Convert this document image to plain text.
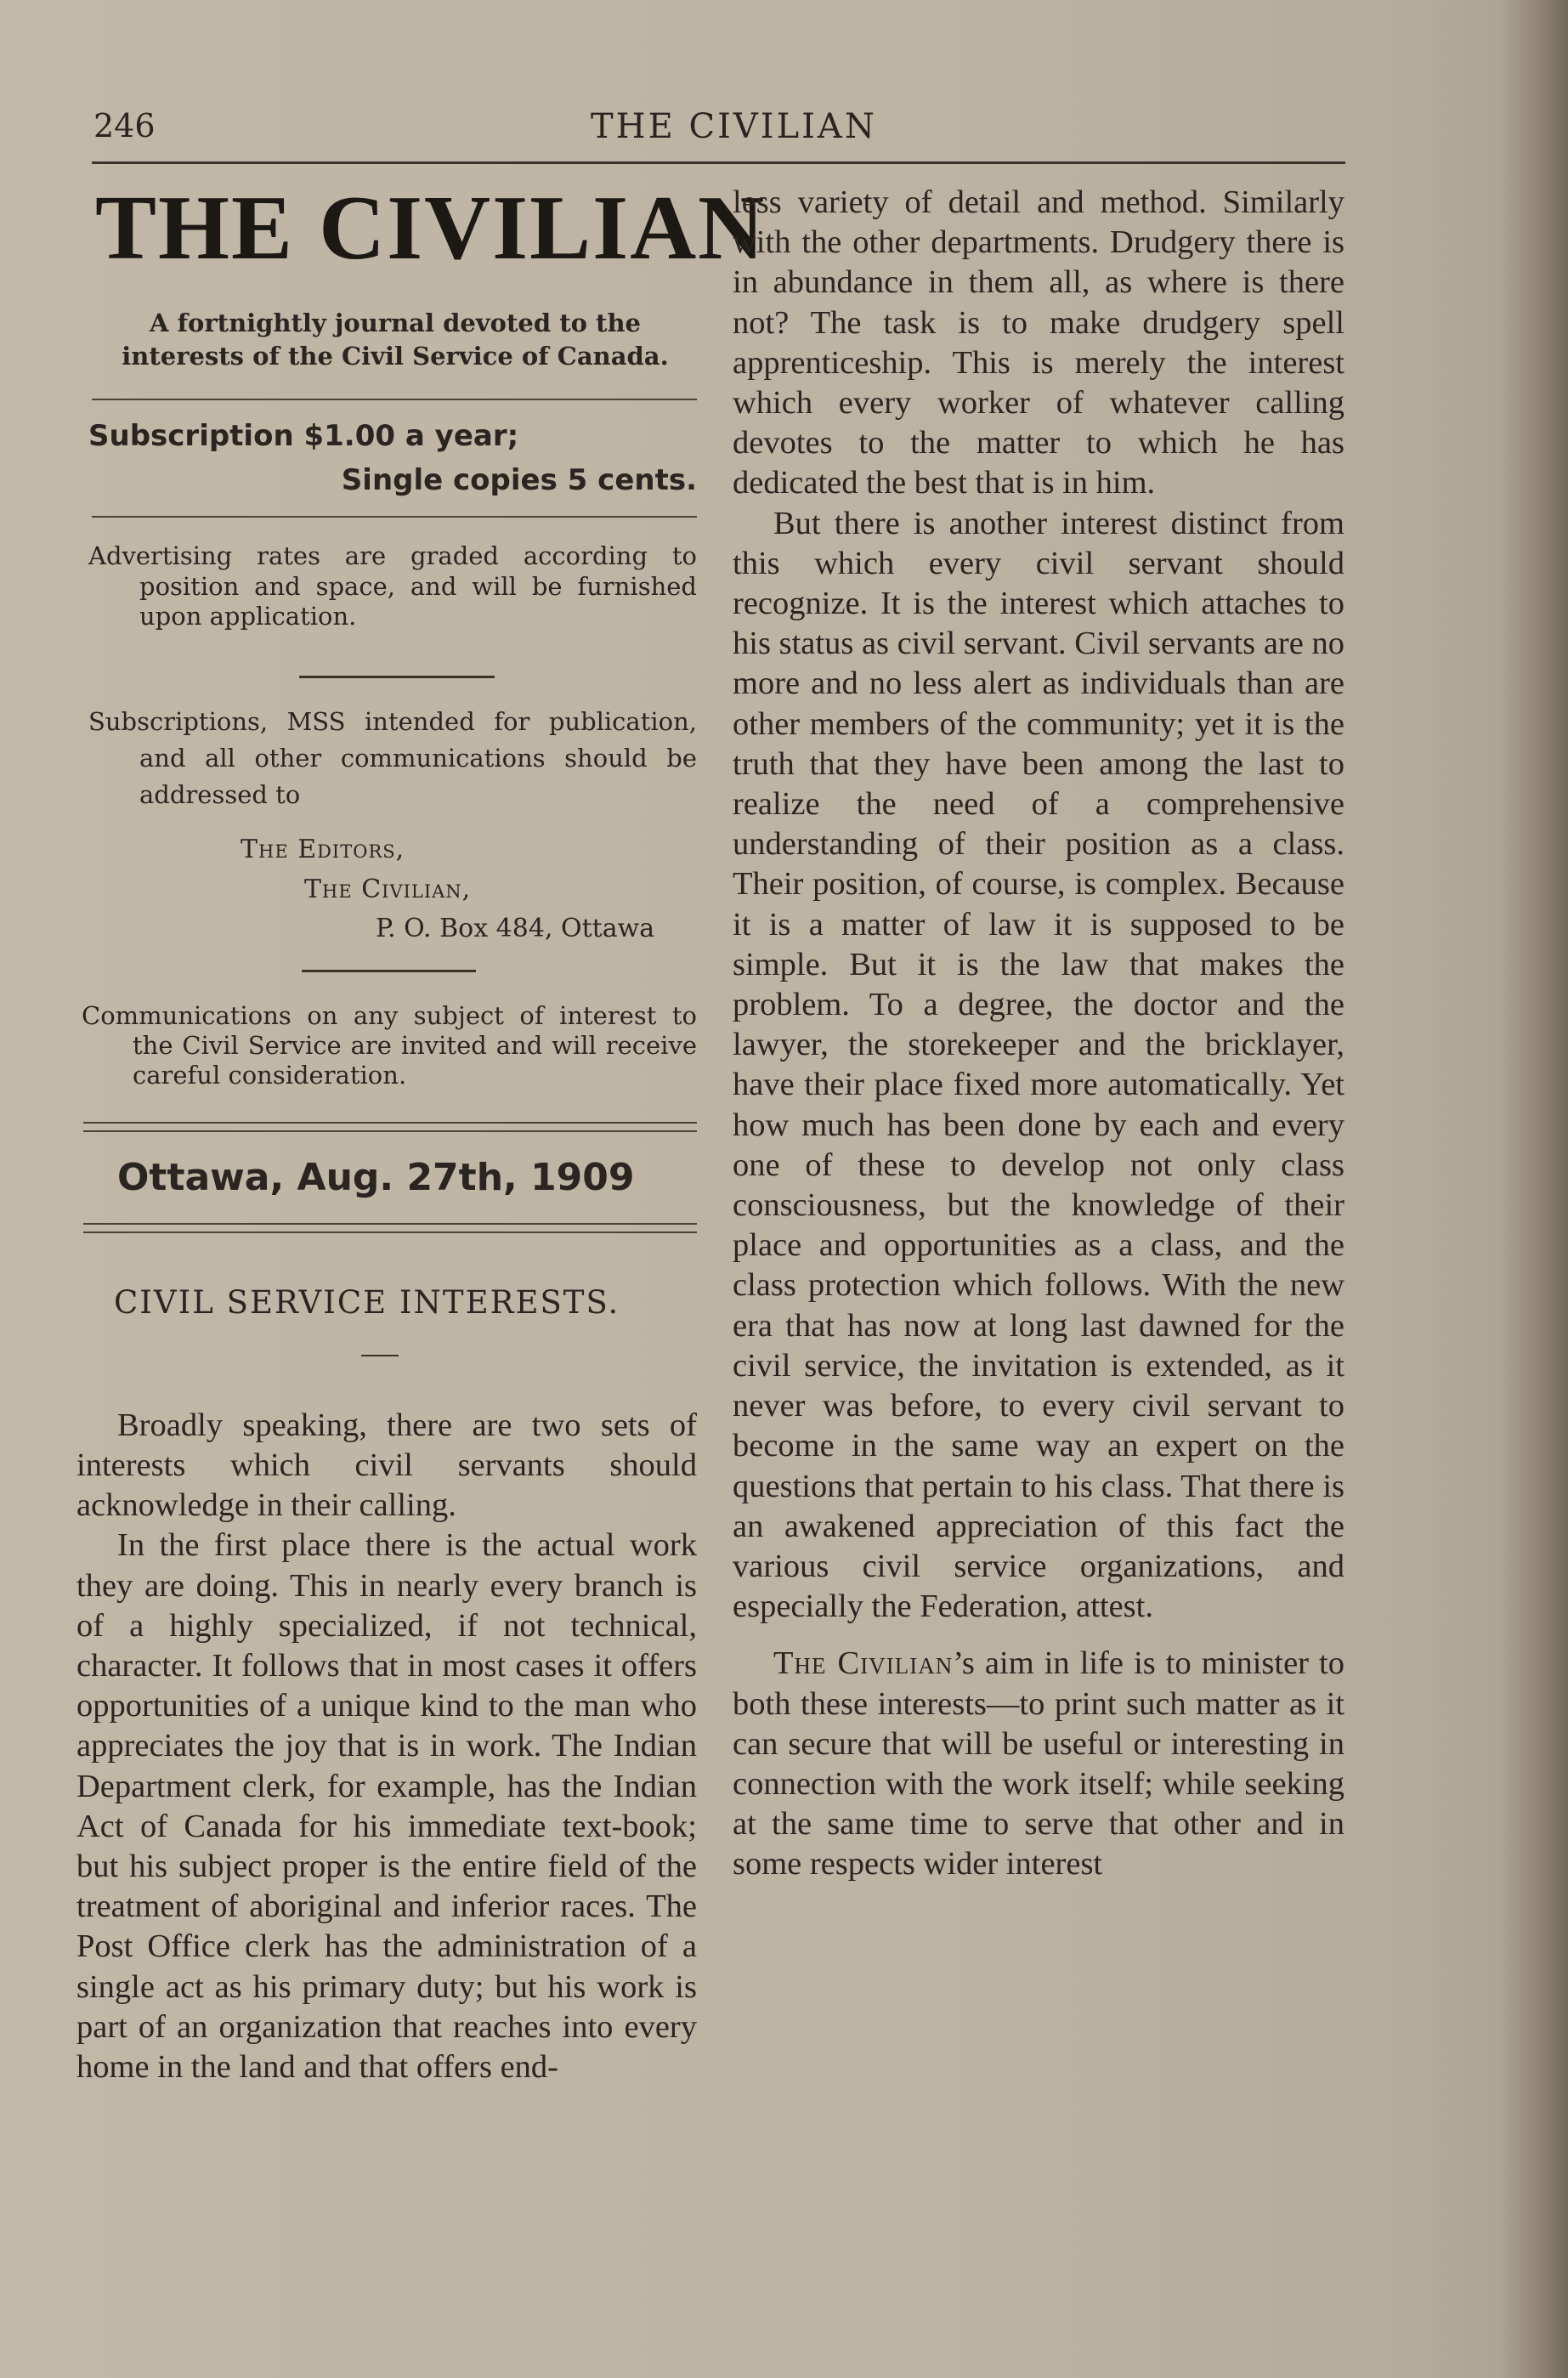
246	THE CIVILIAN
THE CIVILIAN
A fortnightly journal devoted to the interests of the Civil Service of Canada.
Subscription $1.00 a year;
Single copies 5 cents.
Advertising rates are graded according to position and space, and will be furnished upon application.
Subscriptions, MSS intended for publication, and all other communications should be addressed to
The Editors,
The Civilian,
P. O. Box 484, Ottawa
Communications on any subject of interest to the Civil Service are invited and will receive careful consideration.
Ottawa, Aug. 27th, 1909
CIVIL SERVICE INTERESTS.

Broadly speaking, there are two sets of interests which civil servants should acknowledge in their calling.

In the first place there is the actual work they are doing. This in nearly every branch is of a highly specialized, if not technical, character. It follows that in most cases it offers opportunities of a unique kind to the man who appreciates the joy that is in work. The Indian Department clerk, for example, has the Indian Act of Canada for his immediate text-book; but his subject proper is the entire field of the treatment of aboriginal and inferior races. The Post Office clerk has the administration of a single act as his primary duty; but his work is part of an organization that reaches into every home in the land and that offers end-

less variety of detail and method. Similarly with the other departments. Drudgery there is in abundance in them all, as where is there not? The task is to make drudgery spell apprenticeship. This is merely the interest which every worker of whatever calling devotes to the matter to which he has dedicated the best that is in him.

But there is another interest distinct from this which every civil servant should recognize. It is the interest which attaches to his status as civil servant. Civil servants are no more and no less alert as individuals than are other members of the community; yet it is the truth that they have been among the last to realize the need of a comprehensive understanding of their position as a class. Their position, of course, is complex. Because it is a matter of law it is supposed to be simple. But it is the law that makes the problem. To a degree, the doctor and the lawyer, the storekeeper and the bricklayer, have their place fixed more automatically. Yet how much has been done by each and every one of these to develop not only class consciousness, but the knowledge of their place and opportunities as a class, and the class protection which follows. With the new era that has now at long last dawned for the civil service, the invitation is extended, as it never was before, to every civil servant to become in the same way an expert on the questions that pertain to his class. That there is an awakened appreciation of this fact the various civil service organizations, and especially the Federation, attest.

The Civilian’s aim in life is to minister to both these interests—to print such matter as it can secure that will be useful or interesting in connection with the work itself; while seeking at the same time to serve that other and in some respects wider interest
